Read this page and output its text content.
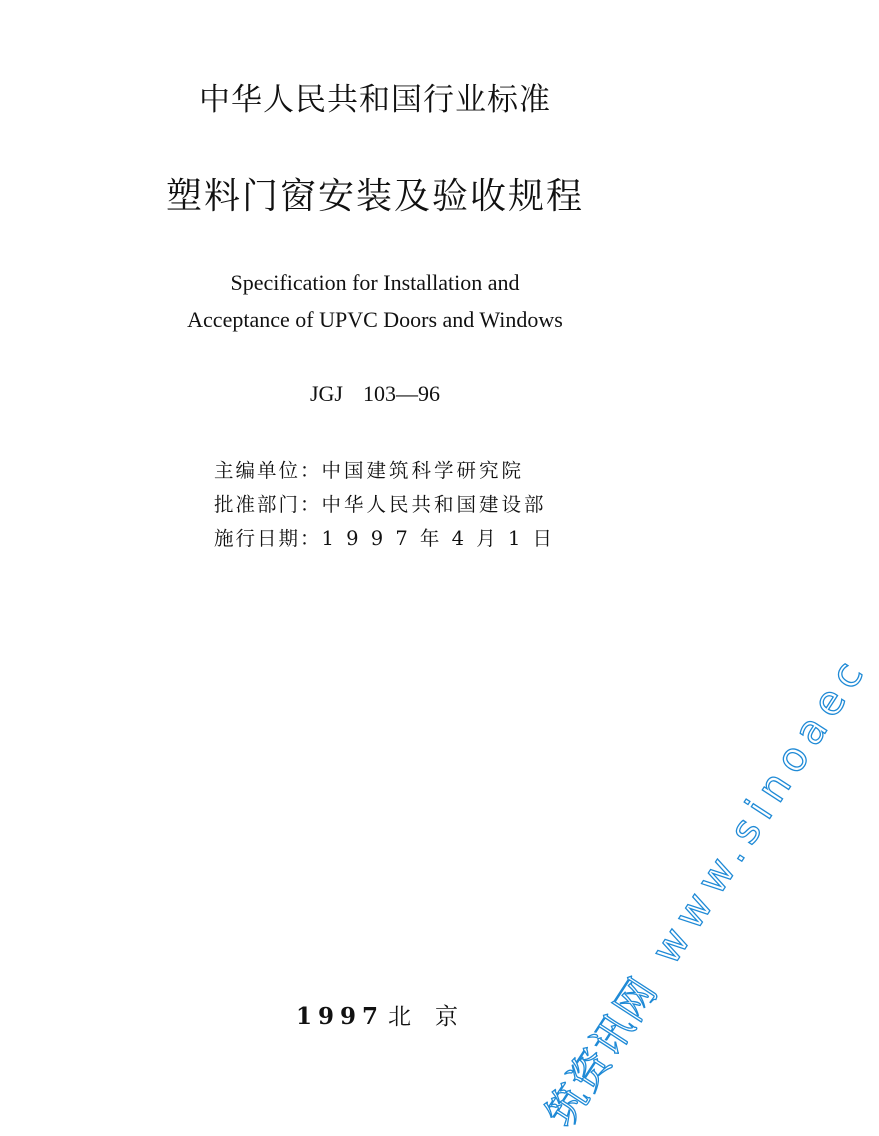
中华人民共和国行业标准
塑料门窗安装及验收规程
Specification for Installation and
Acceptance of UPVC Doors and Windows
JGJ 103—96
主编单位：中国建筑科学研究院
批准部门：中华人民共和国建设部
施行日期：1 9 9 7 年 4 月 1 日
1997 北京 筑资讯网www.sinoaec
